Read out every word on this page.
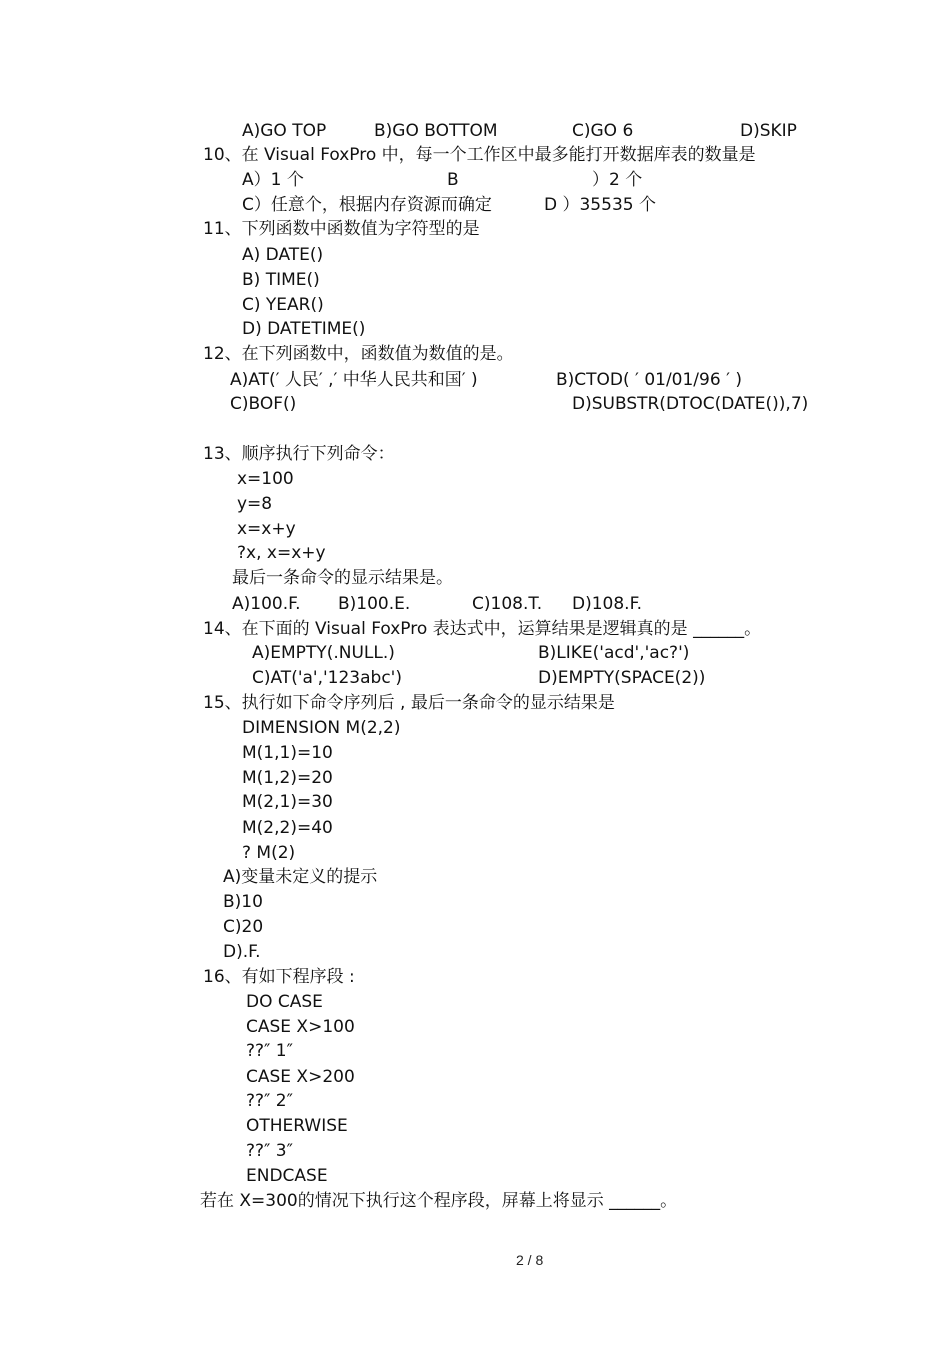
A)GO TOP	B)GO BOTTOM	C)GO 6	D)SKIP
10、在 Visual FoxPro 中，每一个工作区中最多能打开数据库表的数量是
A）1 个	B	）2 个
C）任意个，根据内存资源而确定	D ）35535 个
11、下列函数中函数值为字符型的是
A) DATE()
B) TIME()
C) YEAR()
D) DATETIME()
12、在下列函数中，函数值为数值的是。
A)AT(′ 人民′ ,′ 中华人民共和国′ )	B)CTOD( ′ 01/01/96 ′ )
C)BOF()	D)SUBSTR(DTOC(DATE()),7)
13、顺序执行下列命令：
x=100
y=8
x=x+y
?x, x=x+y
最后一条命令的显示结果是。
A)100.F. B)100.E.	C)108.T. D)108.F.
14、在下面的 Visual FoxPro 表达式中，运算结果是逻辑真的是 ______。
A)EMPTY(.NULL.)	B)LIKE('acd','ac?')
C)AT('a','123abc')	D)EMPTY(SPACE(2))
15、执行如下命令序列后 , 最后一条命令的显示结果是
DIMENSION M(2,2)
M(1,1)=10
M(1,2)=20
M(2,1)=30
M(2,2)=40
? M(2)
A)变量未定义的提示
B)10
C)20
D).F.
16、有如下程序段 :
DO CASE
CASE X>100
??″ 1″
CASE X>200
??″ 2″
OTHERWISE
??″ 3″
ENDCASE
若在 X=300的情况下执行这个程序段，屏幕上将显示 ______。
2 / 8
